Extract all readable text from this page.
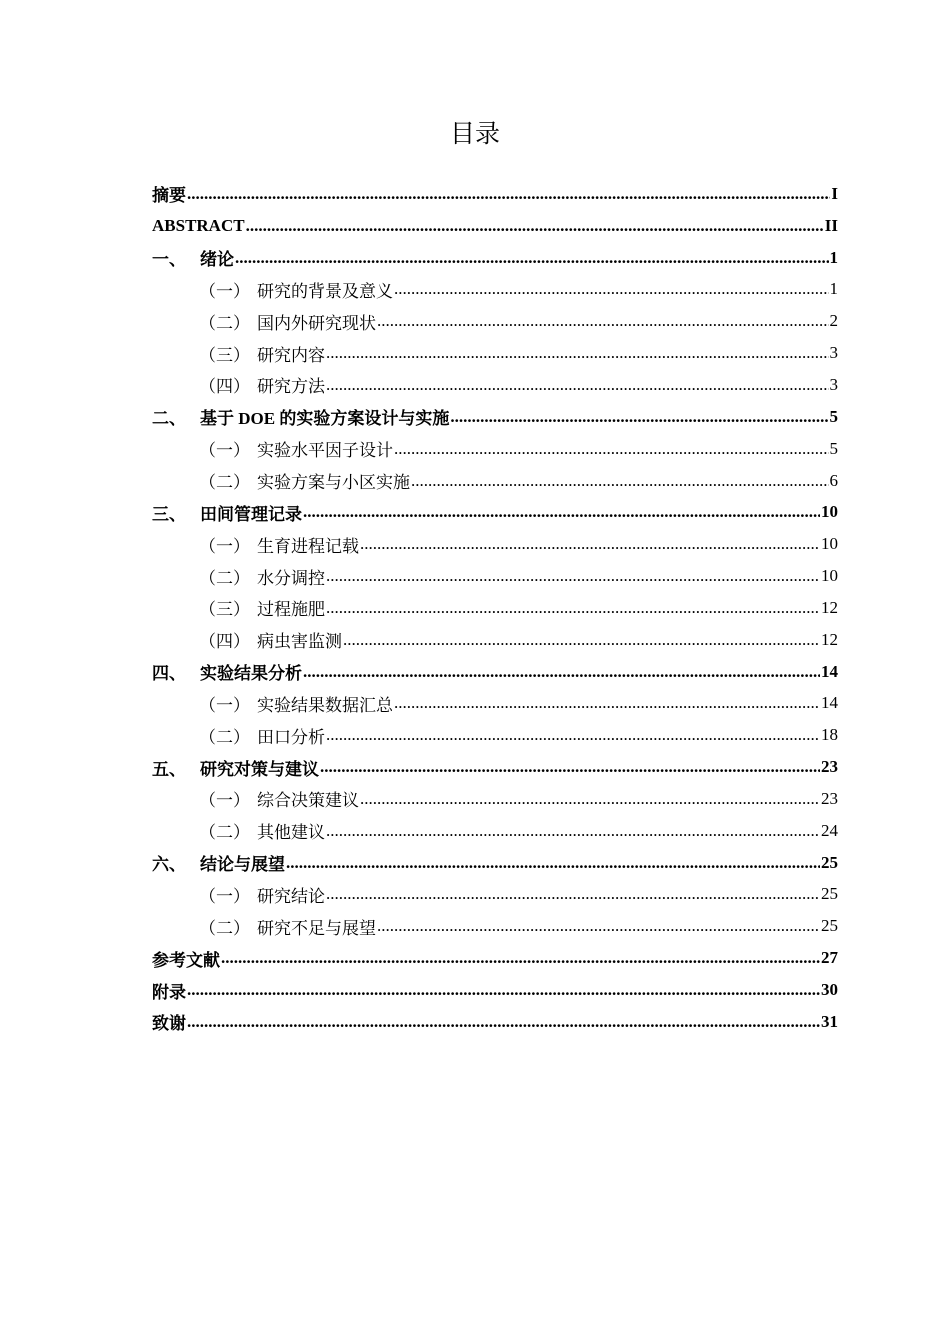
目录
摘要 .....	I
ABSTRACT .....	II
一、 绪论 .....	1
（一） 研究的背景及意义 .....	1
（二） 国内外研究现状 .....	2
（三） 研究内容 .....	3
（四） 研究方法 .....	3
二、 基于 DOE 的实验方案设计与实施 .....	5
（一） 实验水平因子设计 .....	5
（二） 实验方案与小区实施 .....	6
三、 田间管理记录 .....	10
（一） 生育进程记载 .....	10
（二） 水分调控 .....	10
（三） 过程施肥 .....	12
（四） 病虫害监测 .....	12
四、 实验结果分析 .....	14
（一） 实验结果数据汇总 .....	14
（二） 田口分析 .....	18
五、 研究对策与建议 .....	23
（一） 综合决策建议 .....	23
（二） 其他建议 .....	24
六、 结论与展望 .....	25
（一） 研究结论 .....	25
（二） 研究不足与展望 .....	25
参考文献 .....	27
附录 .....	30
致谢 .....	31
